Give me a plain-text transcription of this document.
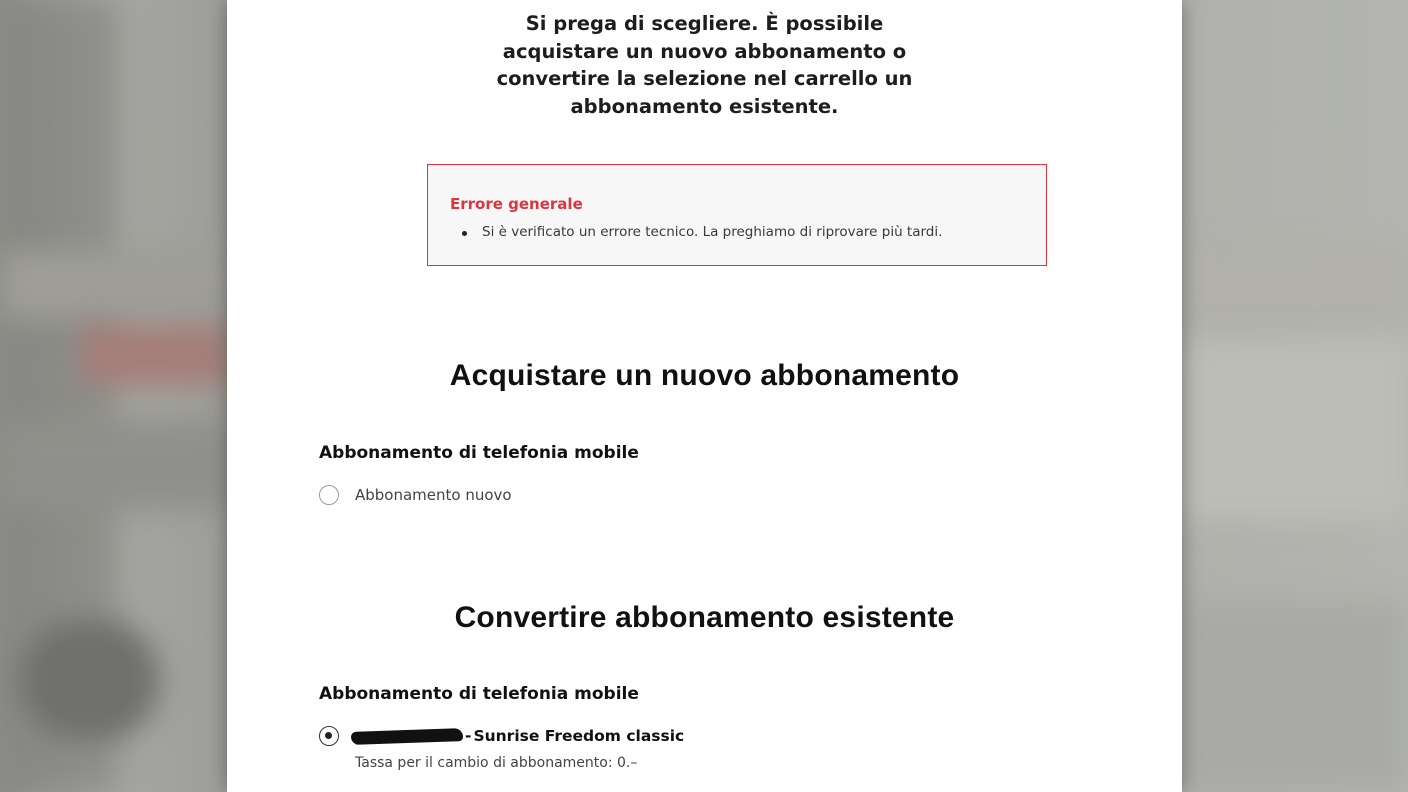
Si prega di scegliere. È possibile acquistare un nuovo abbonamento o convertire la selezione nel carrello un abbonamento esistente.

Errore generale
Si è verificato un errore tecnico. La preghiamo di riprovare più tardi.
Acquistare un nuovo abbonamento
Abbonamento di telefonia mobile
Abbonamento nuovo
Convertire abbonamento esistente
Abbonamento di telefonia mobile
- Sunrise Freedom classic
Tassa per il cambio di abbonamento: 0.–
